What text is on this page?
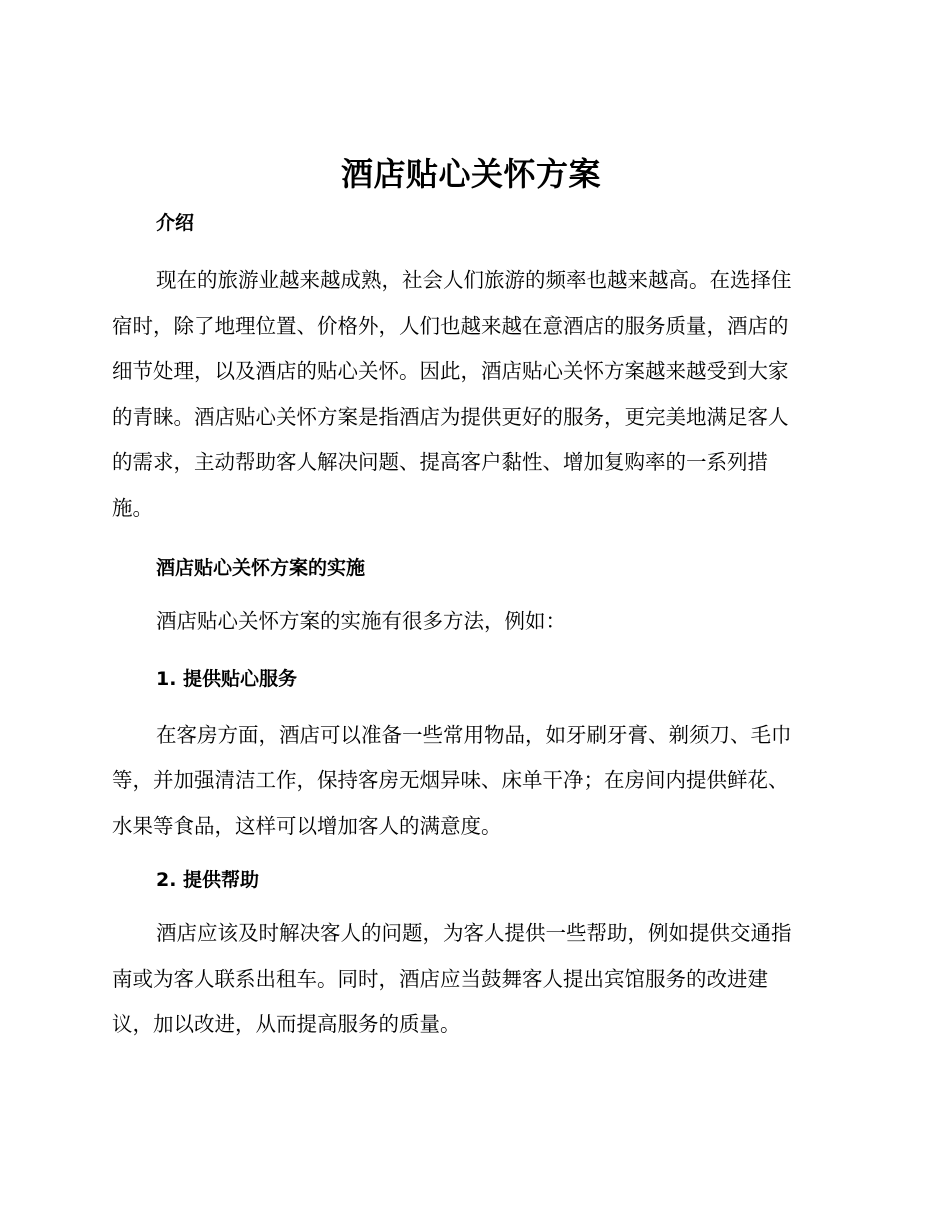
酒店贴心关怀方案
介绍

现在的旅游业越来越成熟，社会人们旅游的频率也越来越高。在选择住
宿时，除了地理位置、价格外，人们也越来越在意酒店的服务质量，酒店的
细节处理，以及酒店的贴心关怀。因此，酒店贴心关怀方案越来越受到大家
的青睐。酒店贴心关怀方案是指酒店为提供更好的服务，更完美地满足客人
的需求，主动帮助客人解决问题、提高客户黏性、增加复购率的一系列措
施。

酒店贴心关怀方案的实施

酒店贴心关怀方案的实施有很多方法，例如：

1. 提供贴心服务

在客房方面，酒店可以准备一些常用物品，如牙刷牙膏、剃须刀、毛巾
等，并加强清洁工作，保持客房无烟异味、床单干净；在房间内提供鲜花、
水果等食品，这样可以增加客人的满意度。

2. 提供帮助

酒店应该及时解决客人的问题，为客人提供一些帮助，例如提供交通指
南或为客人联系出租车。同时，酒店应当鼓舞客人提出宾馆服务的改进建
议，加以改进，从而提高服务的质量。
